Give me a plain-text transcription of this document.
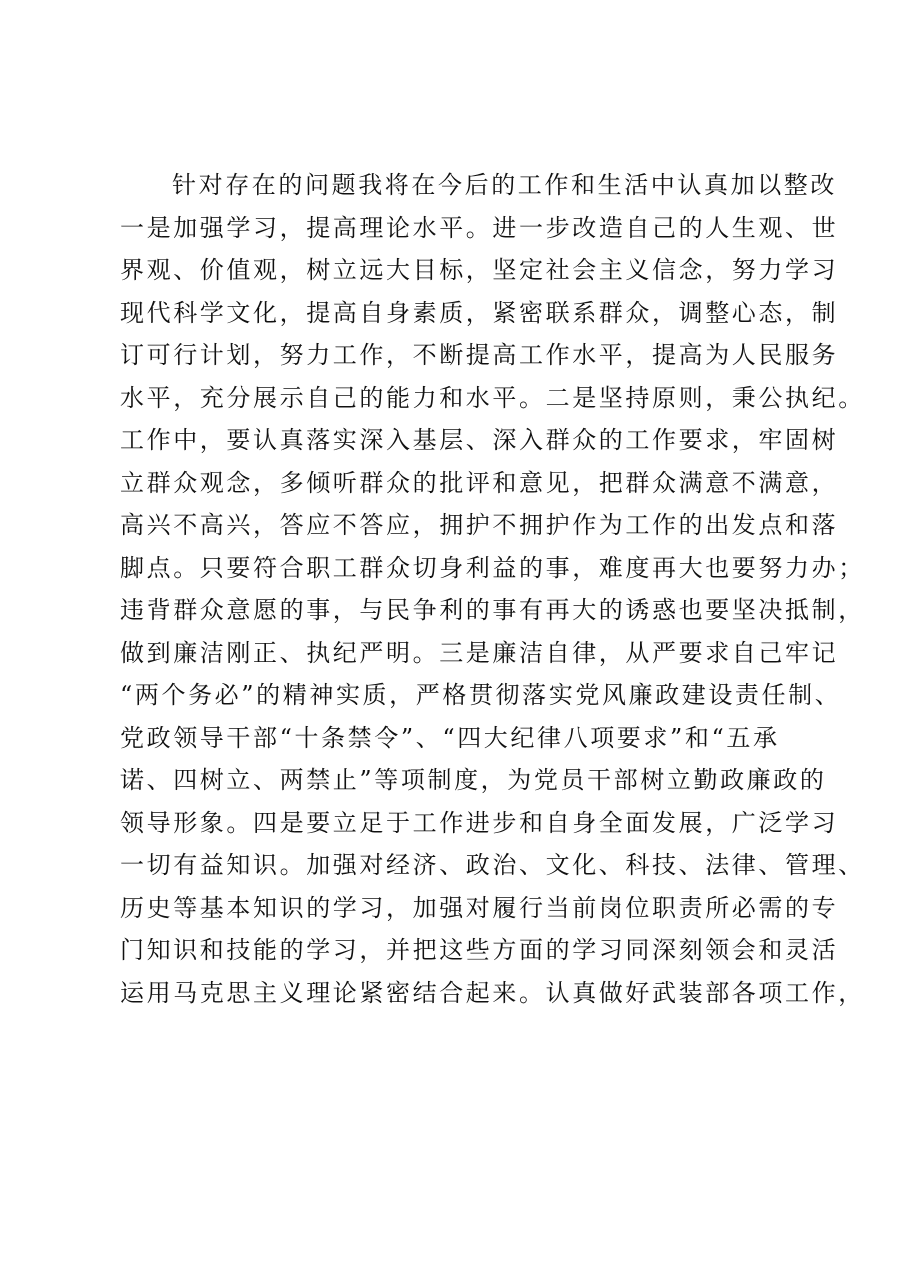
针对存在的问题我将在今后的工作和生活中认真加以整改
一是加强学习，提高理论水平。进一步改造自己的人生观、世
界观、价值观，树立远大目标，坚定社会主义信念，努力学习
现代科学文化，提高自身素质，紧密联系群众，调整心态，制
订可行计划，努力工作，不断提高工作水平，提高为人民服务
水平，充分展示自己的能力和水平。二是坚持原则，秉公执纪。
工作中，要认真落实深入基层、深入群众的工作要求，牢固树
立群众观念，多倾听群众的批评和意见，把群众满意不满意，
高兴不高兴，答应不答应，拥护不拥护作为工作的出发点和落
脚点。只要符合职工群众切身利益的事，难度再大也要努力办；
违背群众意愿的事，与民争利的事有再大的诱惑也要坚决抵制，
做到廉洁刚正、执纪严明。三是廉洁自律，从严要求自己牢记
“两个务必”的精神实质，严格贯彻落实党风廉政建设责任制、
党政领导干部“十条禁令”、“四大纪律八项要求”和“五承
诺、四树立、两禁止”等项制度，为党员干部树立勤政廉政的
领导形象。四是要立足于工作进步和自身全面发展，广泛学习
一切有益知识。加强对经济、政治、文化、科技、法律、管理、
历史等基本知识的学习，加强对履行当前岗位职责所必需的专
门知识和技能的学习，并把这些方面的学习同深刻领会和灵活
运用马克思主义理论紧密结合起来。认真做好武装部各项工作，
